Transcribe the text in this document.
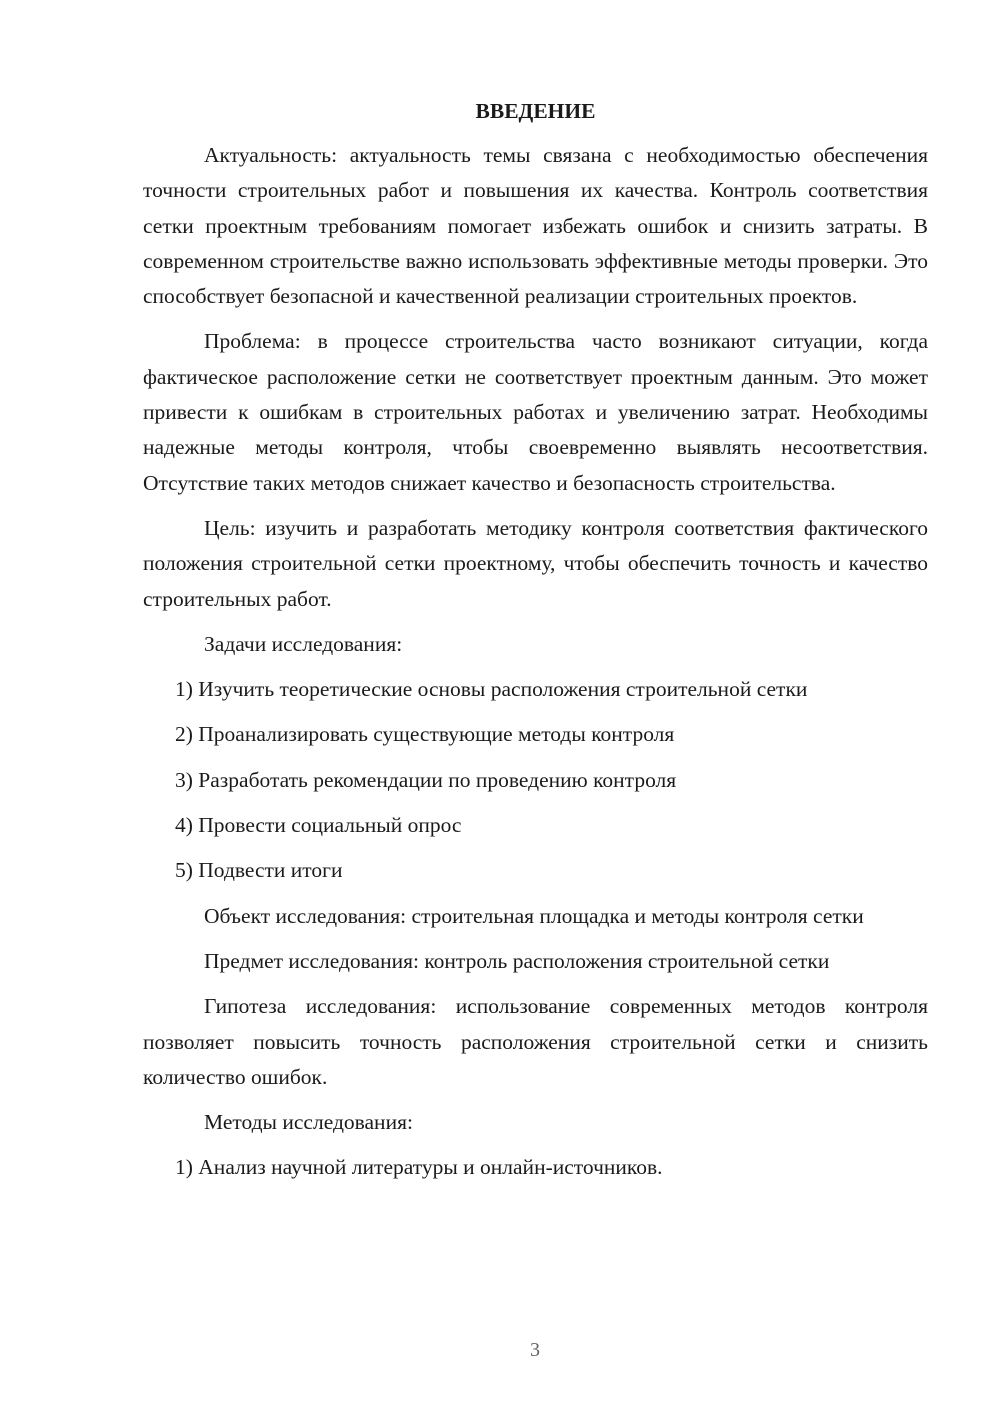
ВВЕДЕНИЕ

Актуальность: актуальность темы связана с необходимостью обеспечения точности строительных работ и повышения их качества. Контроль соответствия сетки проектным требованиям помогает избежать ошибок и снизить затраты. В современном строительстве важно использовать эффективные методы проверки. Это способствует безопасной и качественной реализации строительных проектов.

Проблема: в процессе строительства часто возникают ситуации, когда фактическое расположение сетки не соответствует проектным данным. Это может привести к ошибкам в строительных работах и увеличению затрат. Необходимы надежные методы контроля, чтобы своевременно выявлять несоответствия. Отсутствие таких методов снижает качество и безопасность строительства.

Цель: изучить и разработать методику контроля соответствия фактического положения строительной сетки проектному, чтобы обеспечить точность и качество строительных работ.

Задачи исследования:
1) Изучить теоретические основы расположения строительной сетки
2) Проанализировать существующие методы контроля
3) Разработать рекомендации по проведению контроля
4) Провести социальный опрос
5) Подвести итоги

Объект исследования: строительная площадка и методы контроля сетки

Предмет исследования: контроль расположения строительной сетки

Гипотеза исследования: использование современных методов контроля позволяет повысить точность расположения строительной сетки и снизить количество ошибок.

Методы исследования:
1) Анализ научной литературы и онлайн-источников.
3
